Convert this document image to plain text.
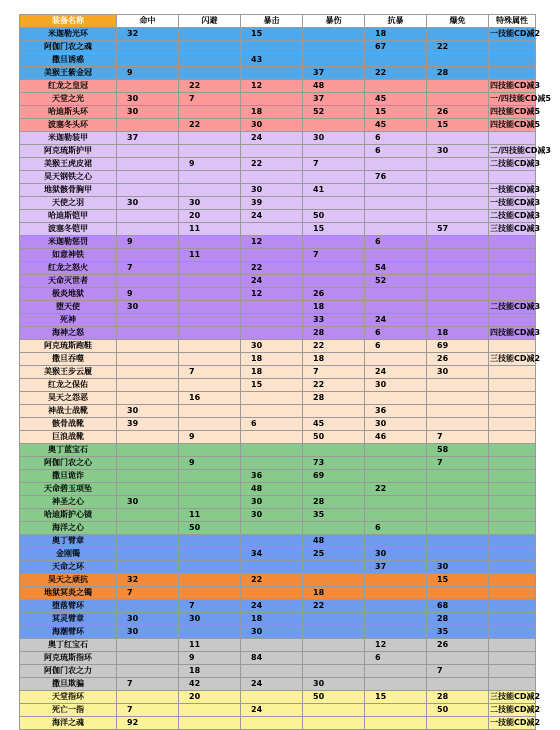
装备名称	命中	闪避	暴击	暴伤	抗暴	爆免	特殊属性
米迦勒光环	32		15		18		一技能CD减2
阿伽门农之魂					67	22	
撒旦诱惑			43				
美猴王紫金冠	9			37	22	28	
红龙之皇冠		22	12	48			四技能CD减3
天堂之光	30	7		37	45		一/四技能CD减5
哈迪斯头环	30		18	52	15	26	四技能CD减5
波塞冬头环		22	30		45	15	四技能CD减5
米迦勒装甲	37		24	30	6		
阿克琉斯护甲					6	30	二/四技能CD减3
美猴王虎皮裙		9	22	7			二技能CD减3
昊天钢铁之心					76		
地狱骸骨胸甲			30	41			一技能CD减3
天使之羽	30	30	39				一技能CD减3
哈迪斯铠甲		20	24	50			二技能CD减3
波塞冬铠甲		11		15		57	三技能CD减3
米迦勒惩罚	9		12		6		
如意神铁		11		7			
红龙之怒火	7		22		54		
天命灭世者			24		52		
极炎地狱	9		12	26			
堕天使	30			18			二技能CD减3
死神				33	24		
海神之怒				28	6	18	四技能CD减3
阿克琉斯跑鞋			30	22	6	69	
撒旦吞噬			18	18		26	三技能CD减2
美猴王步云履		7	18	7	24	30	
红龙之保佑			15	22	30		
昊天之怨恶		16		28			
神战士战靴	30				36		
骸骨战靴	39		6	45	30		
巨浪战靴		9		50	46	7	
奥丁蓝宝石						58	
阿伽门农之心		9		73		7	
撒旦诡诈			36	69			
天命碧玉项坠			48		22		
神圣之心	30		30	28			
哈迪斯护心镜		11	30	35			
海洋之心		50			6		
奥丁臂章				48			
金刚镯			34	25	30		
天命之环					37	30	
昊天之顽抗	32		22			15	
地狱冥炎之镯	7			18			
堕落臂环		7	24	22		68	
冥灵臂章	30	30	18			28	
海潮臂环	30		30			35	
奥丁红宝石		11			12	26	
阿克琉斯指环		9	84		6		
阿伽门农之力		18				7	
撒旦欺骗	7	42	24	30			
天堂指环		20		50	15	28	三技能CD减2
死亡一指	7		24			50	二技能CD减2
海洋之魂	92						一技能CD减2
